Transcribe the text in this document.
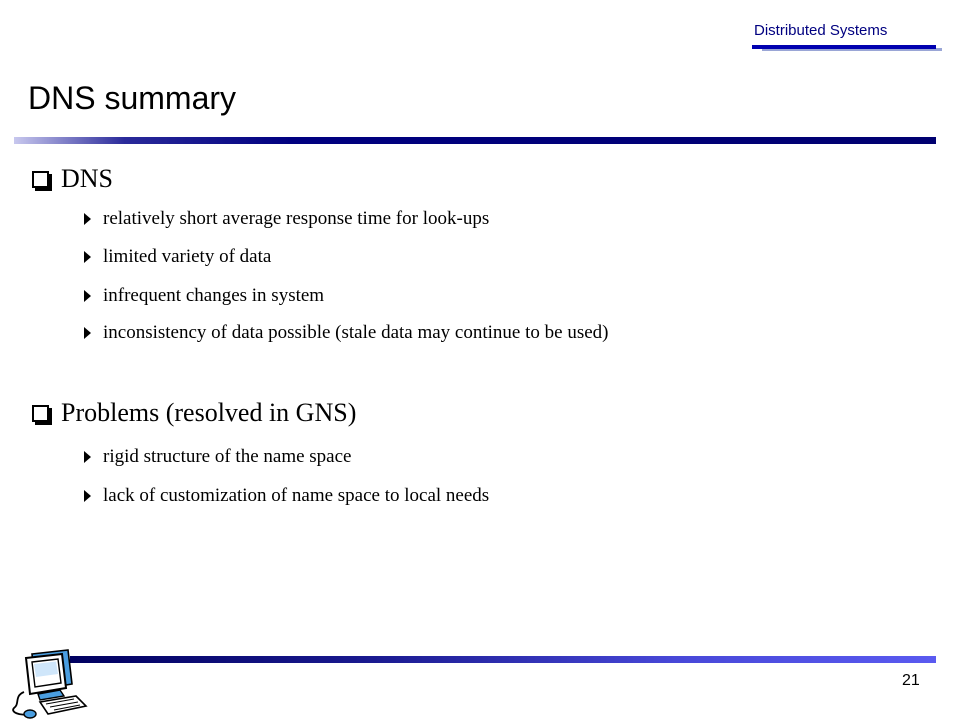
Distributed Systems
DNS summary
DNS
relatively short average response time for look-ups
limited variety of data
infrequent changes in system
inconsistency of data possible (stale data may continue to be used)
Problems (resolved in GNS)
rigid structure of the name space
lack of customization of name space to local needs
21
